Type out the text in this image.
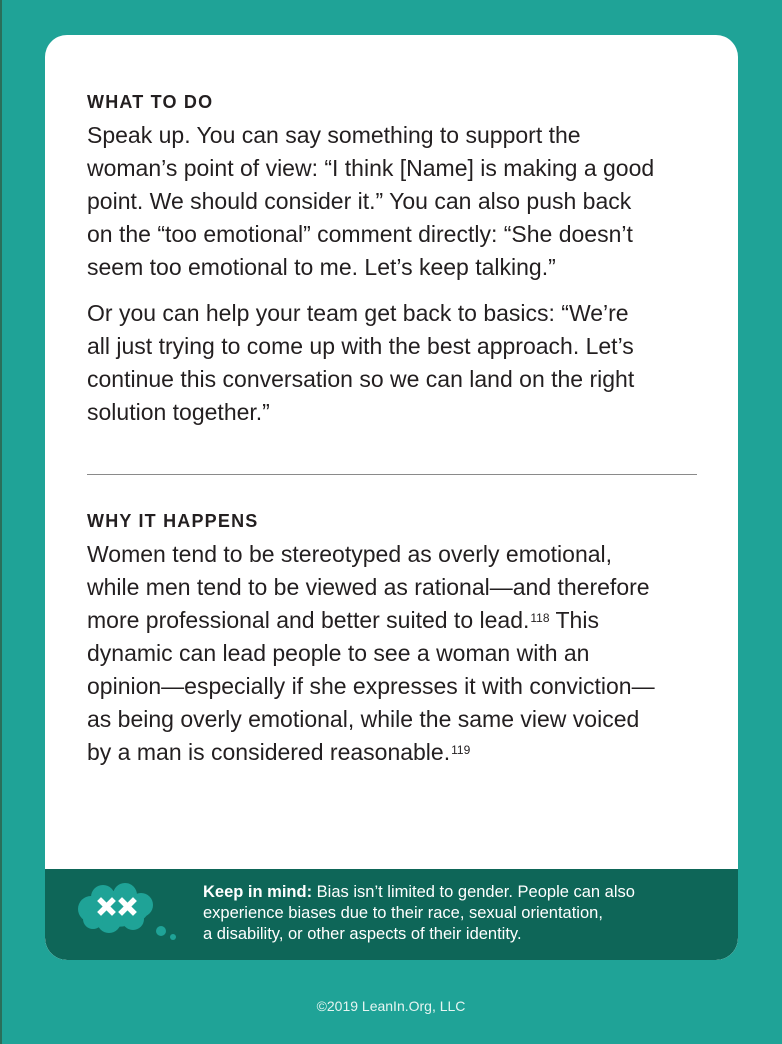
WHAT TO DO
Speak up. You can say something to support the
woman’s point of view: “I think [Name] is making a good
point. We should consider it.” You can also push back
on the “too emotional” comment directly: “She doesn’t
seem too emotional to me. Let’s keep talking.”
Or you can help your team get back to basics: “We’re
all just trying to come up with the best approach. Let’s
continue this conversation so we can land on the right
solution together.”
WHY IT HAPPENS
Women tend to be stereotyped as overly emotional,
while men tend to be viewed as rational—and therefore
more professional and better suited to lead.$^{118}$ This
dynamic can lead people to see a woman with an
opinion—especially if she expresses it with conviction—
as being overly emotional, while the same view voiced
by a man is considered reasonable.$^{119}$
Keep in mind: Bias isn’t limited to gender. People can also
experience biases due to their race, sexual orientation,
a disability, or other aspects of their identity.
©2019 LeanIn.Org, LLC
